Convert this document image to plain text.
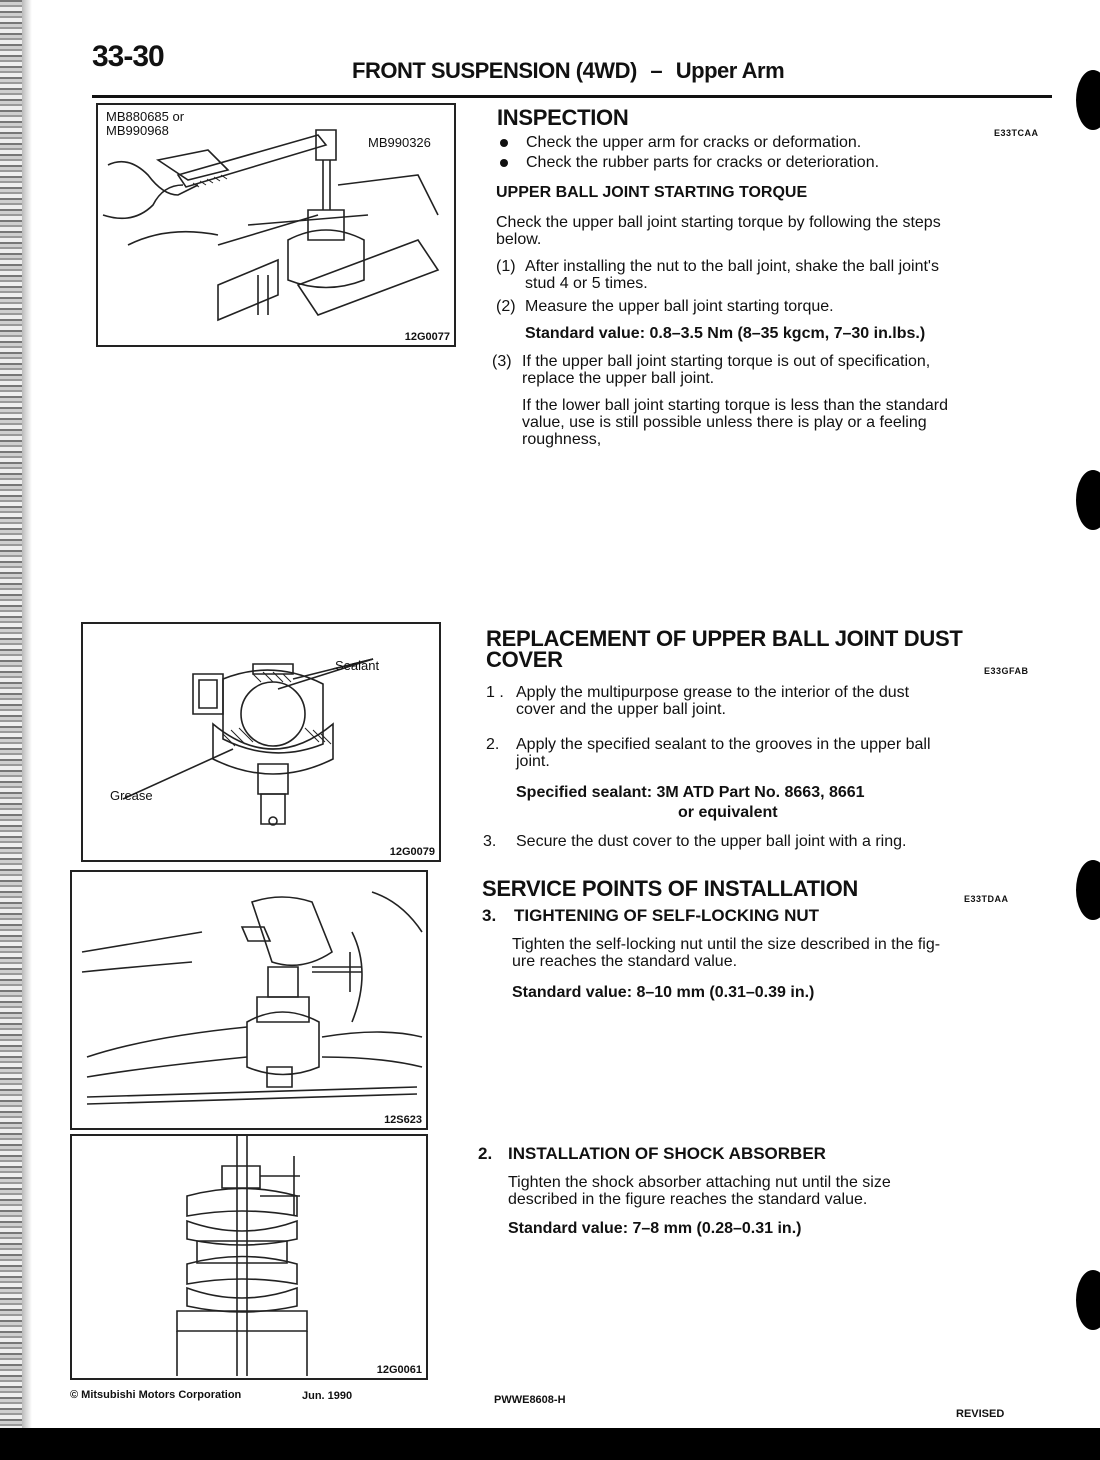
33-30	FRONT SUSPENSION (4WD) – Upper Arm
MB880685 or
MB990968
MB990326
12G0077
INSPECTION
E33TCAA
Check the upper arm for cracks or deformation.
Check the rubber parts for cracks or deterioration.
UPPER BALL JOINT STARTING TORQUE
Check the upper ball joint starting torque by following the steps
below.
(1) After installing the nut to the ball joint, shake the ball joint's
stud 4 or 5 times.
(2) Measure the upper ball joint starting torque.
Standard value: 0.8–3.5 Nm (8–35 kgcm, 7–30 in.lbs.)
(3) If the upper ball joint starting torque is out of specification,
replace the upper ball joint.
If the lower ball joint starting torque is less than the standard
value, use is still possible unless there is play or a feeling
roughness,
Sealant
Grease
12G0079
REPLACEMENT OF UPPER BALL JOINT DUST
COVER	E33GFAB
1 . Apply the multipurpose grease to the interior of the dust
cover and the upper ball joint.
2. Apply the specified sealant to the grooves in the upper ball
joint.
Specified sealant: 3M ATD Part No. 8663, 8661
or equivalent
3. Secure the dust cover to the upper ball joint with a ring.
12S623
SERVICE POINTS OF INSTALLATION	E33TDAA
3. TIGHTENING OF SELF-LOCKING NUT
Tighten the self-locking nut until the size described in the fig-
ure reaches the standard value.
Standard value: 8–10 mm (0.31–0.39 in.)
12G0061
2. INSTALLATION OF SHOCK ABSORBER
Tighten the shock absorber attaching nut until the size
described in the figure reaches the standard value.
Standard value: 7–8 mm (0.28–0.31 in.)
© Mitsubishi Motors Corporation	Jun. 1990	PWWE8608-H
REVISED
